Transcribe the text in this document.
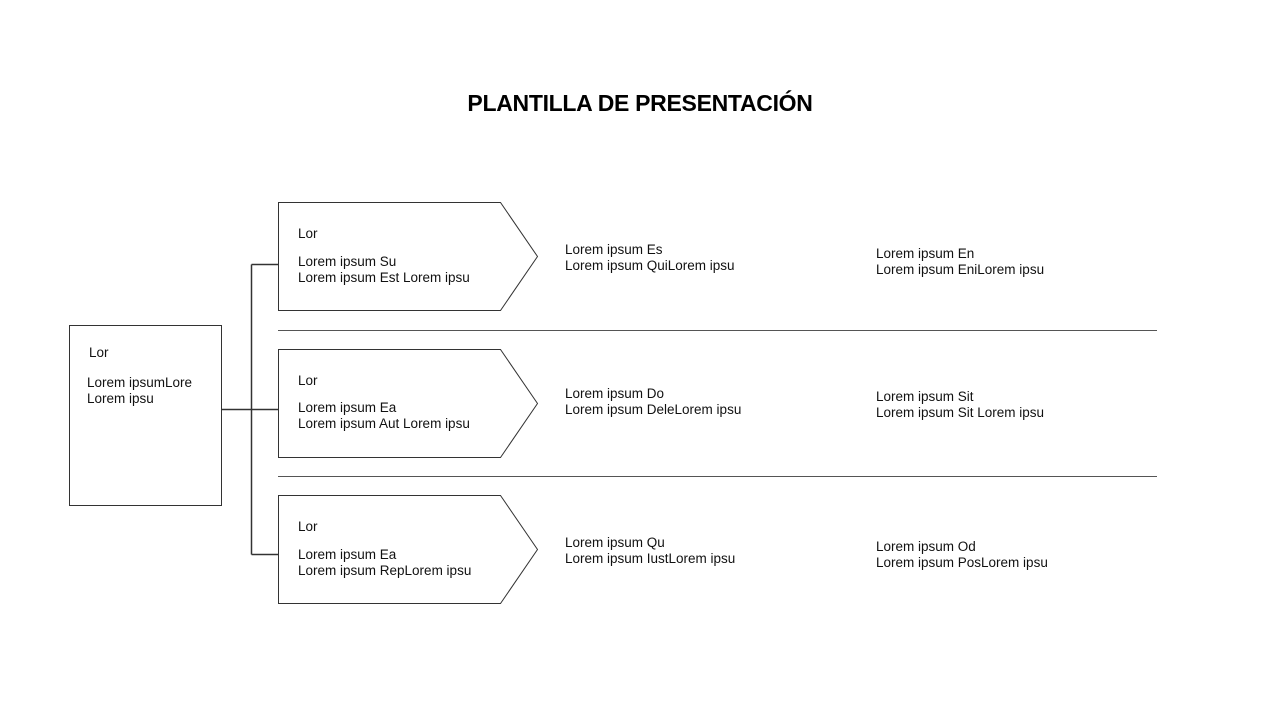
PLANTILLA DE PRESENTACIÓN
Lor
Lorem ipsumLore
Lorem ipsu
Lor
Lorem ipsum Su
Lorem ipsum Est Lorem ipsu
Lorem ipsum Es
Lorem ipsum QuiLorem ipsu
Lorem ipsum En
Lorem ipsum EniLorem ipsu
Lor
Lorem ipsum Ea
Lorem ipsum Aut Lorem ipsu
Lorem ipsum Do
Lorem ipsum DeleLorem ipsu
Lorem ipsum Sit
Lorem ipsum Sit Lorem ipsu
Lor
Lorem ipsum Ea
Lorem ipsum RepLorem ipsu
Lorem ipsum Qu
Lorem ipsum IustLorem ipsu
Lorem ipsum Od
Lorem ipsum PosLorem ipsu
